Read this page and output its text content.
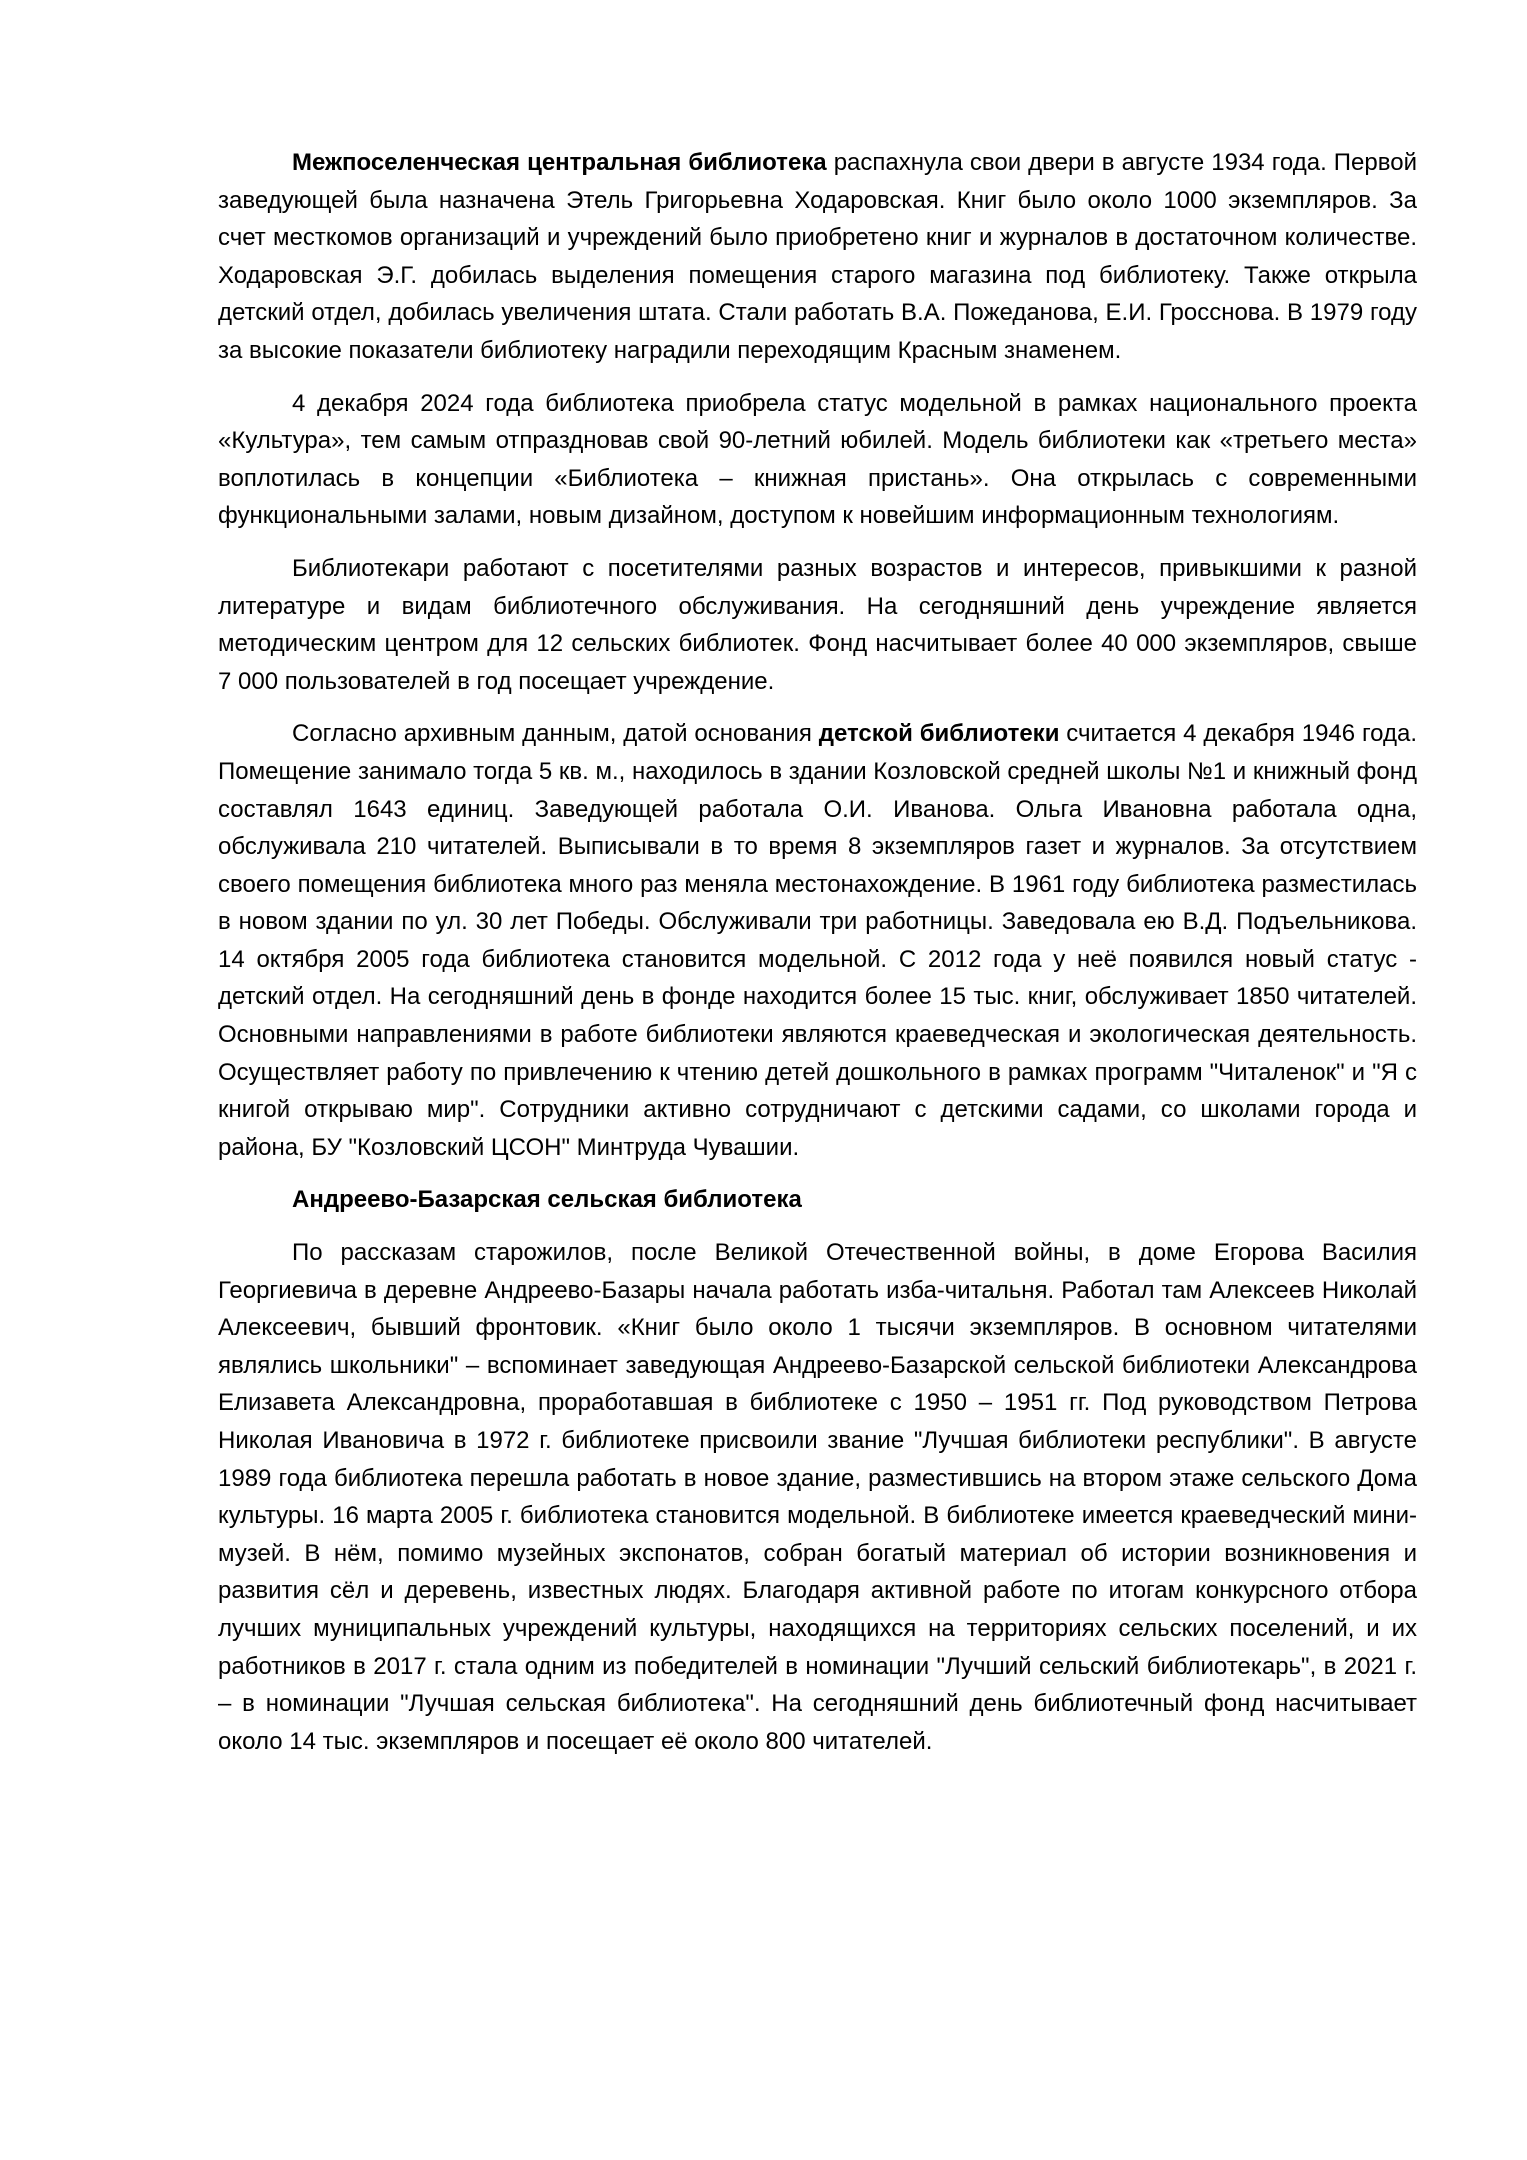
Межпоселенческая центральная библиотека распахнула свои двери в августе 1934 года. Первой заведующей была назначена Этель Григорьевна Ходаровская. Книг было около 1000 экземпляров. За счет месткомов организаций и учреждений было приобретено книг и журналов в достаточном количестве. Ходаровская Э.Г. добилась выделения помещения старого магазина под библиотеку. Также открыла детский отдел, добилась увеличения штата. Стали работать В.А. Пожеданова, Е.И. Гросснова. В 1979 году за высокие показатели библиотеку наградили переходящим Красным знаменем.

4 декабря 2024 года библиотека приобрела статус модельной в рамках национального проекта «Культура», тем самым отпраздновав свой 90-летний юбилей. Модель библиотеки как «третьего места» воплотилась в концепции «Библиотека – книжная пристань». Она открылась с современными функциональными залами, новым дизайном, доступом к новейшим информационным технологиям.

Библиотекари работают с посетителями разных возрастов и интересов, привыкшими к разной литературе и видам библиотечного обслуживания. На сегодняшний день учреждение является методическим центром для 12 сельских библиотек. Фонд насчитывает более 40 000 экземпляров, свыше 7 000 пользователей в год посещает учреждение.

Согласно архивным данным, датой основания детской библиотеки считается 4 декабря 1946 года. Помещение занимало тогда 5 кв. м., находилось в здании Козловской средней школы №1 и книжный фонд составлял 1643 единиц. Заведующей работала О.И. Иванова. Ольга Ивановна работала одна, обслуживала 210 читателей. Выписывали в то время 8 экземпляров газет и журналов. За отсутствием своего помещения библиотека много раз меняла местонахождение. В 1961 году библиотека разместилась в новом здании по ул. 30 лет Победы. Обслуживали три работницы. Заведовала ею В.Д. Подъельникова. 14 октября 2005 года библиотека становится модельной. С 2012 года у неё появился новый статус - детский отдел. На сегодняшний день в фонде находится более 15 тыс. книг, обслуживает 1850 читателей. Основными направлениями в работе библиотеки являются краеведческая и экологическая деятельность. Осуществляет работу по привлечению к чтению детей дошкольного в рамках программ "Читаленок" и "Я с книгой открываю мир". Сотрудники активно сотрудничают с детскими садами, со школами города и района, БУ "Козловский ЦСОН" Минтруда Чувашии.

Андреево-Базарская сельская библиотека

По рассказам старожилов, после Великой Отечественной войны, в доме Егорова Василия Георгиевича в деревне Андреево-Базары начала работать изба-читальня. Работал там Алексеев Николай Алексеевич, бывший фронтовик. «Книг было около 1 тысячи экземпляров. В основном читателями являлись школьники" – вспоминает заведующая Андреево-Базарской сельской библиотеки Александрова Елизавета Александровна, проработавшая в библиотеке с 1950 – 1951 гг. Под руководством Петрова Николая Ивановича в 1972 г. библиотеке присвоили звание "Лучшая библиотеки республики". В августе 1989 года библиотека перешла работать в новое здание, разместившись на втором этаже сельского Дома культуры. 16 марта 2005 г. библиотека становится модельной. В библиотеке имеется краеведческий мини-музей. В нём, помимо музейных экспонатов, собран богатый материал об истории возникновения и развития сёл и деревень, известных людях. Благодаря активной работе по итогам конкурсного отбора лучших муниципальных учреждений культуры, находящихся на территориях сельских поселений, и их работников в 2017 г. стала одним из победителей в номинации "Лучший сельский библиотекарь", в 2021 г. – в номинации "Лучшая сельская библиотека". На сегодняшний день библиотечный фонд насчитывает около 14 тыс. экземпляров и посещает её около 800 читателей.
